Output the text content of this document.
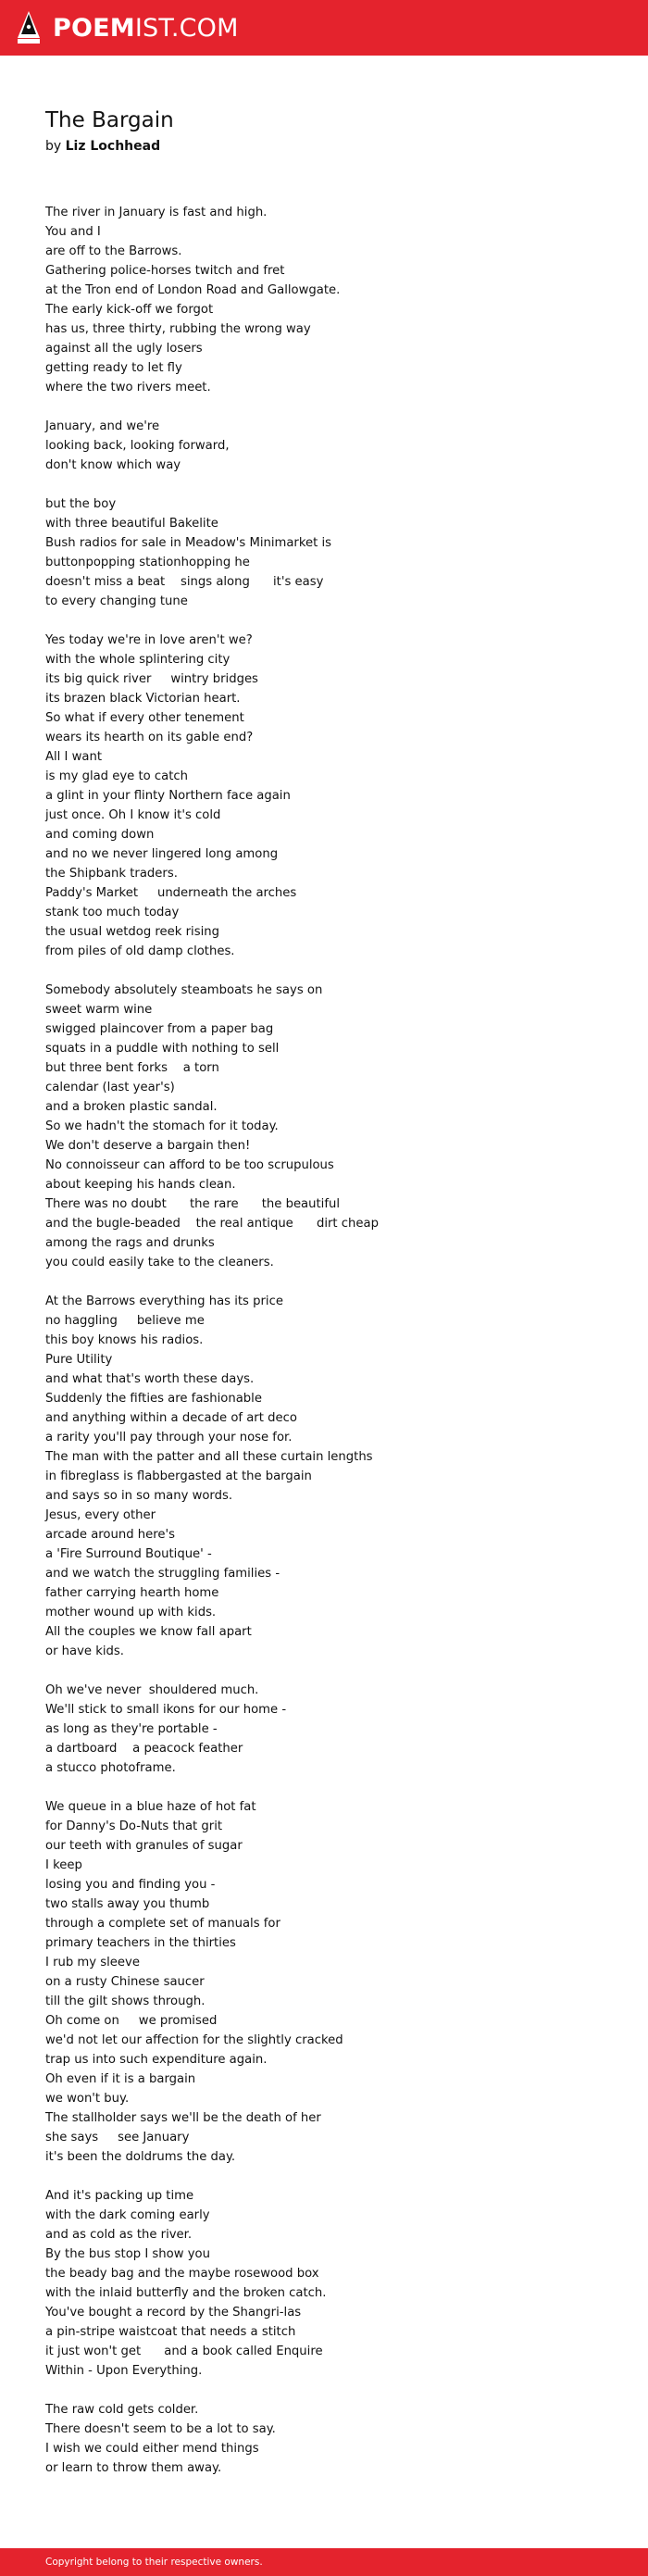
POEMIST.COM
The Bargain
by Liz Lochhead
The river in January is fast and high.
You and I
are off to the Barrows.
Gathering police-horses twitch and fret
at the Tron end of London Road and Gallowgate.
The early kick-off we forgot
has us, three thirty, rubbing the wrong way
against all the ugly losers
getting ready to let fly
where the two rivers meet.
January, and we're
looking back, looking forward,
don't know which way
but the boy
with three beautiful Bakelite
Bush radios for sale in Meadow's Minimarket is
buttonpopping stationhopping he
doesn't miss a beat    sings along      it's easy
to every changing tune
Yes today we're in love aren't we?
with the whole splintering city
its big quick river     wintry bridges
its brazen black Victorian heart.
So what if every other tenement
wears its hearth on its gable end?
All I want
is my glad eye to catch
a glint in your flinty Northern face again
just once. Oh I know it's cold
and coming down
and no we never lingered long among
the Shipbank traders.
Paddy's Market     underneath the arches
stank too much today
the usual wetdog reek rising
from piles of old damp clothes.
Somebody absolutely steamboats he says on
sweet warm wine
swigged plaincover from a paper bag
squats in a puddle with nothing to sell
but three bent forks    a torn
calendar (last year's)
and a broken plastic sandal.
So we hadn't the stomach for it today.
We don't deserve a bargain then!
No connoisseur can afford to be too scrupulous
about keeping his hands clean.
There was no doubt      the rare      the beautiful
and the bugle-beaded    the real antique      dirt cheap
among the rags and drunks
you could easily take to the cleaners.
At the Barrows everything has its price
no haggling     believe me
this boy knows his radios.
Pure Utility
and what that's worth these days.
Suddenly the fifties are fashionable
and anything within a decade of art deco
a rarity you'll pay through your nose for.
The man with the patter and all these curtain lengths
in fibreglass is flabbergasted at the bargain
and says so in so many words.
Jesus, every other
arcade around here's
a 'Fire Surround Boutique' -
and we watch the struggling families -
father carrying hearth home
mother wound up with kids.
All the couples we know fall apart
or have kids.
Oh we've never  shouldered much.
We'll stick to small ikons for our home -
as long as they're portable -
a dartboard    a peacock feather
a stucco photoframe.
We queue in a blue haze of hot fat
for Danny's Do-Nuts that grit
our teeth with granules of sugar
I keep
losing you and finding you -
two stalls away you thumb
through a complete set of manuals for
primary teachers in the thirties
I rub my sleeve
on a rusty Chinese saucer
till the gilt shows through.
Oh come on     we promised
we'd not let our affection for the slightly cracked
trap us into such expenditure again.
Oh even if it is a bargain
we won't buy.
The stallholder says we'll be the death of her
she says     see January
it's been the doldrums the day.
And it's packing up time
with the dark coming early
and as cold as the river.
By the bus stop I show you
the beady bag and the maybe rosewood box
with the inlaid butterfly and the broken catch.
You've bought a record by the Shangri-las
a pin-stripe waistcoat that needs a stitch
it just won't get      and a book called Enquire
Within - Upon Everything.
The raw cold gets colder.
There doesn't seem to be a lot to say.
I wish we could either mend things
or learn to throw them away.
Copyright belong to their respective owners.
